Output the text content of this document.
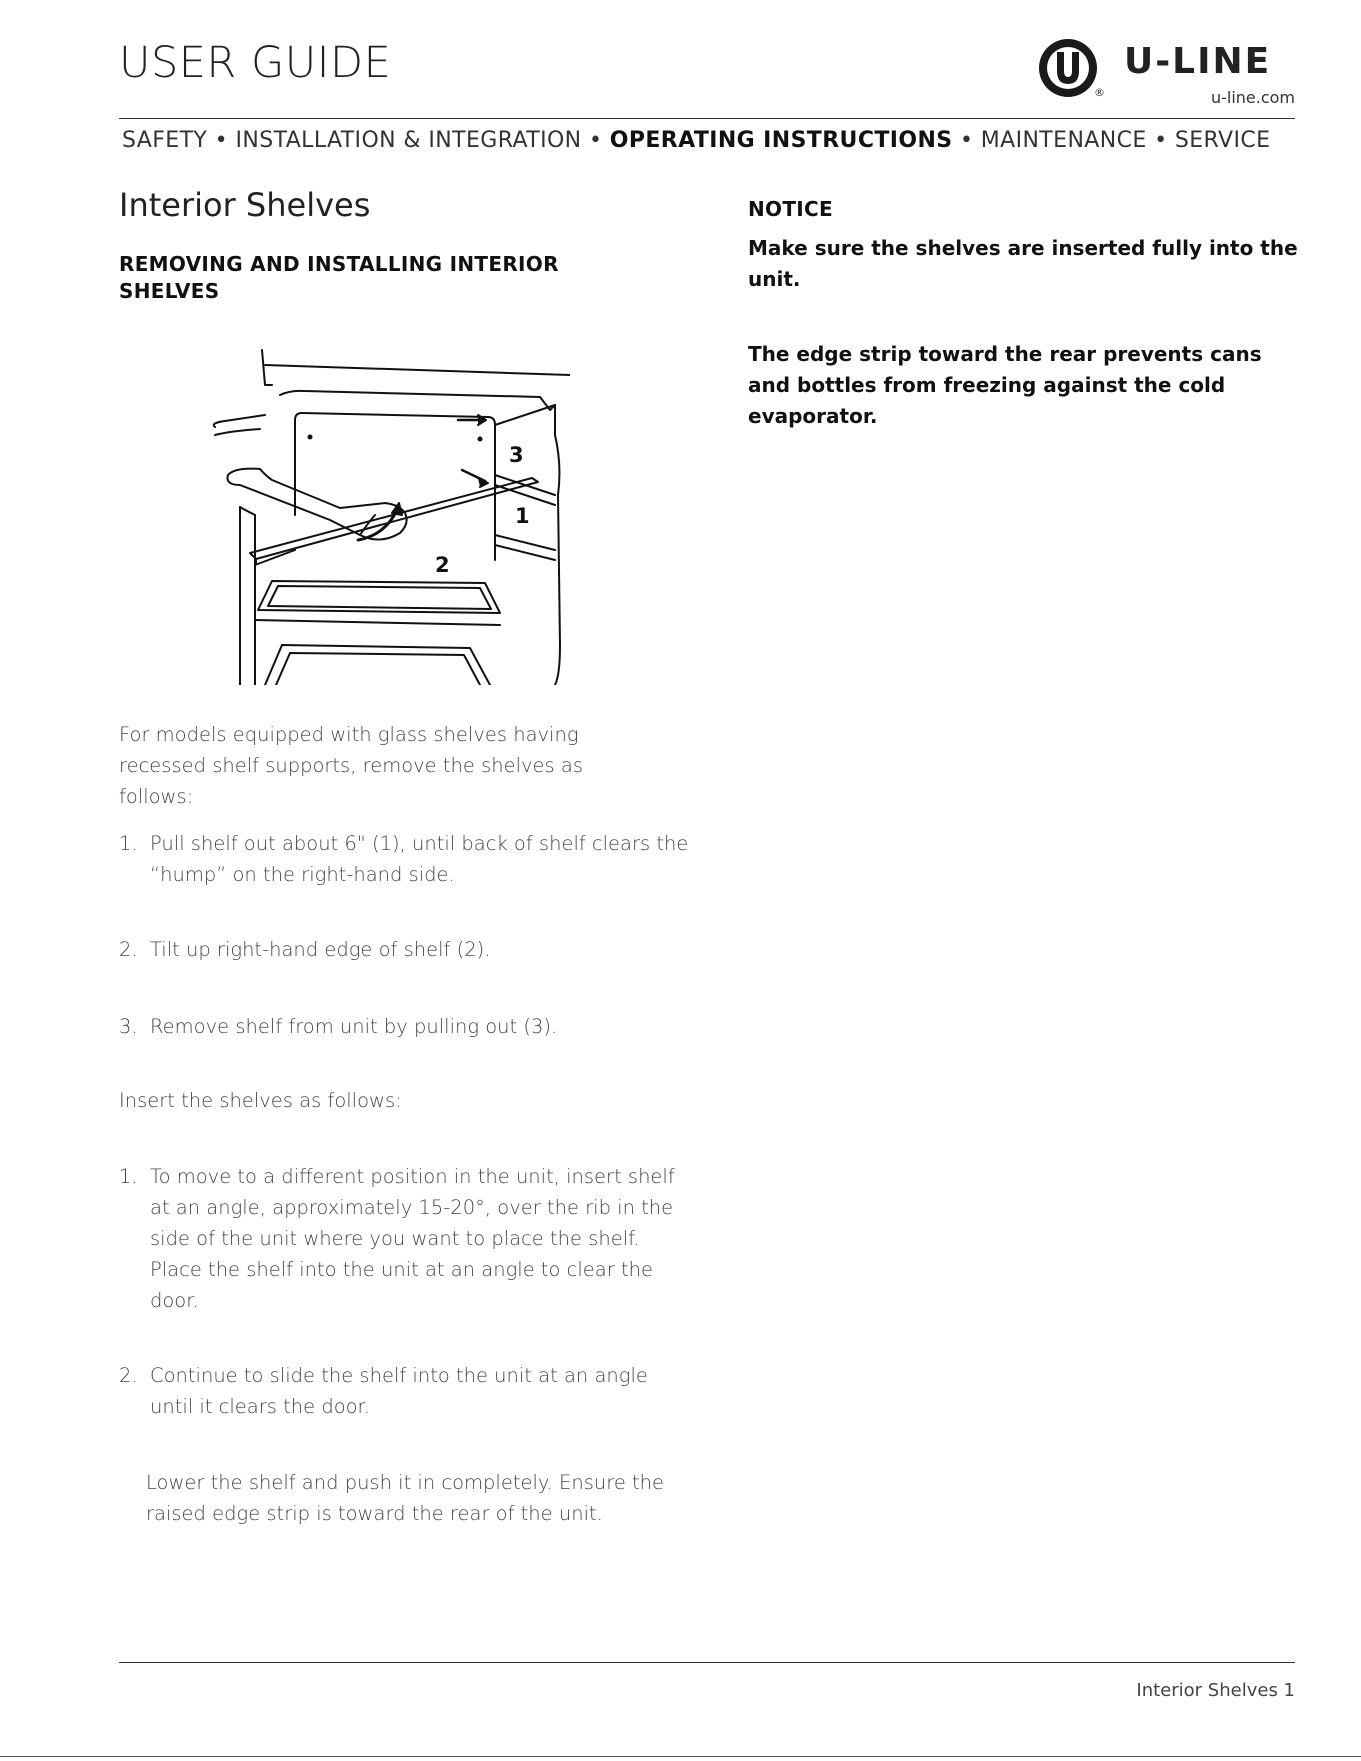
USER GUIDE
®
U-LINE
u-line.com
SAFETY • INSTALLATION & INTEGRATION • OPERATING INSTRUCTIONS • MAINTENANCE • SERVICE
Interior Shelves
REMOVING AND INSTALLING INTERIOR SHELVES
3
1
2
For models equipped with glass shelves having recessed shelf supports, remove the shelves as follows:
1. Pull shelf out about 6" (1), until back of shelf clears the “hump” on the right-hand side.
2. Tilt up right-hand edge of shelf (2).
3. Remove shelf from unit by pulling out (3).
Insert the shelves as follows:
1. To move to a different position in the unit, insert shelf at an angle, approximately 15-20°, over the rib in the side of the unit where you want to place the shelf. Place the shelf into the unit at an angle to clear the door.
2. Continue to slide the shelf into the unit at an angle until it clears the door.
Lower the shelf and push it in completely. Ensure the raised edge strip is toward the rear of the unit.
NOTICE
Make sure the shelves are inserted fully into the unit.
The edge strip toward the rear prevents cans and bottles from freezing against the cold evaporator.
Interior Shelves 1
